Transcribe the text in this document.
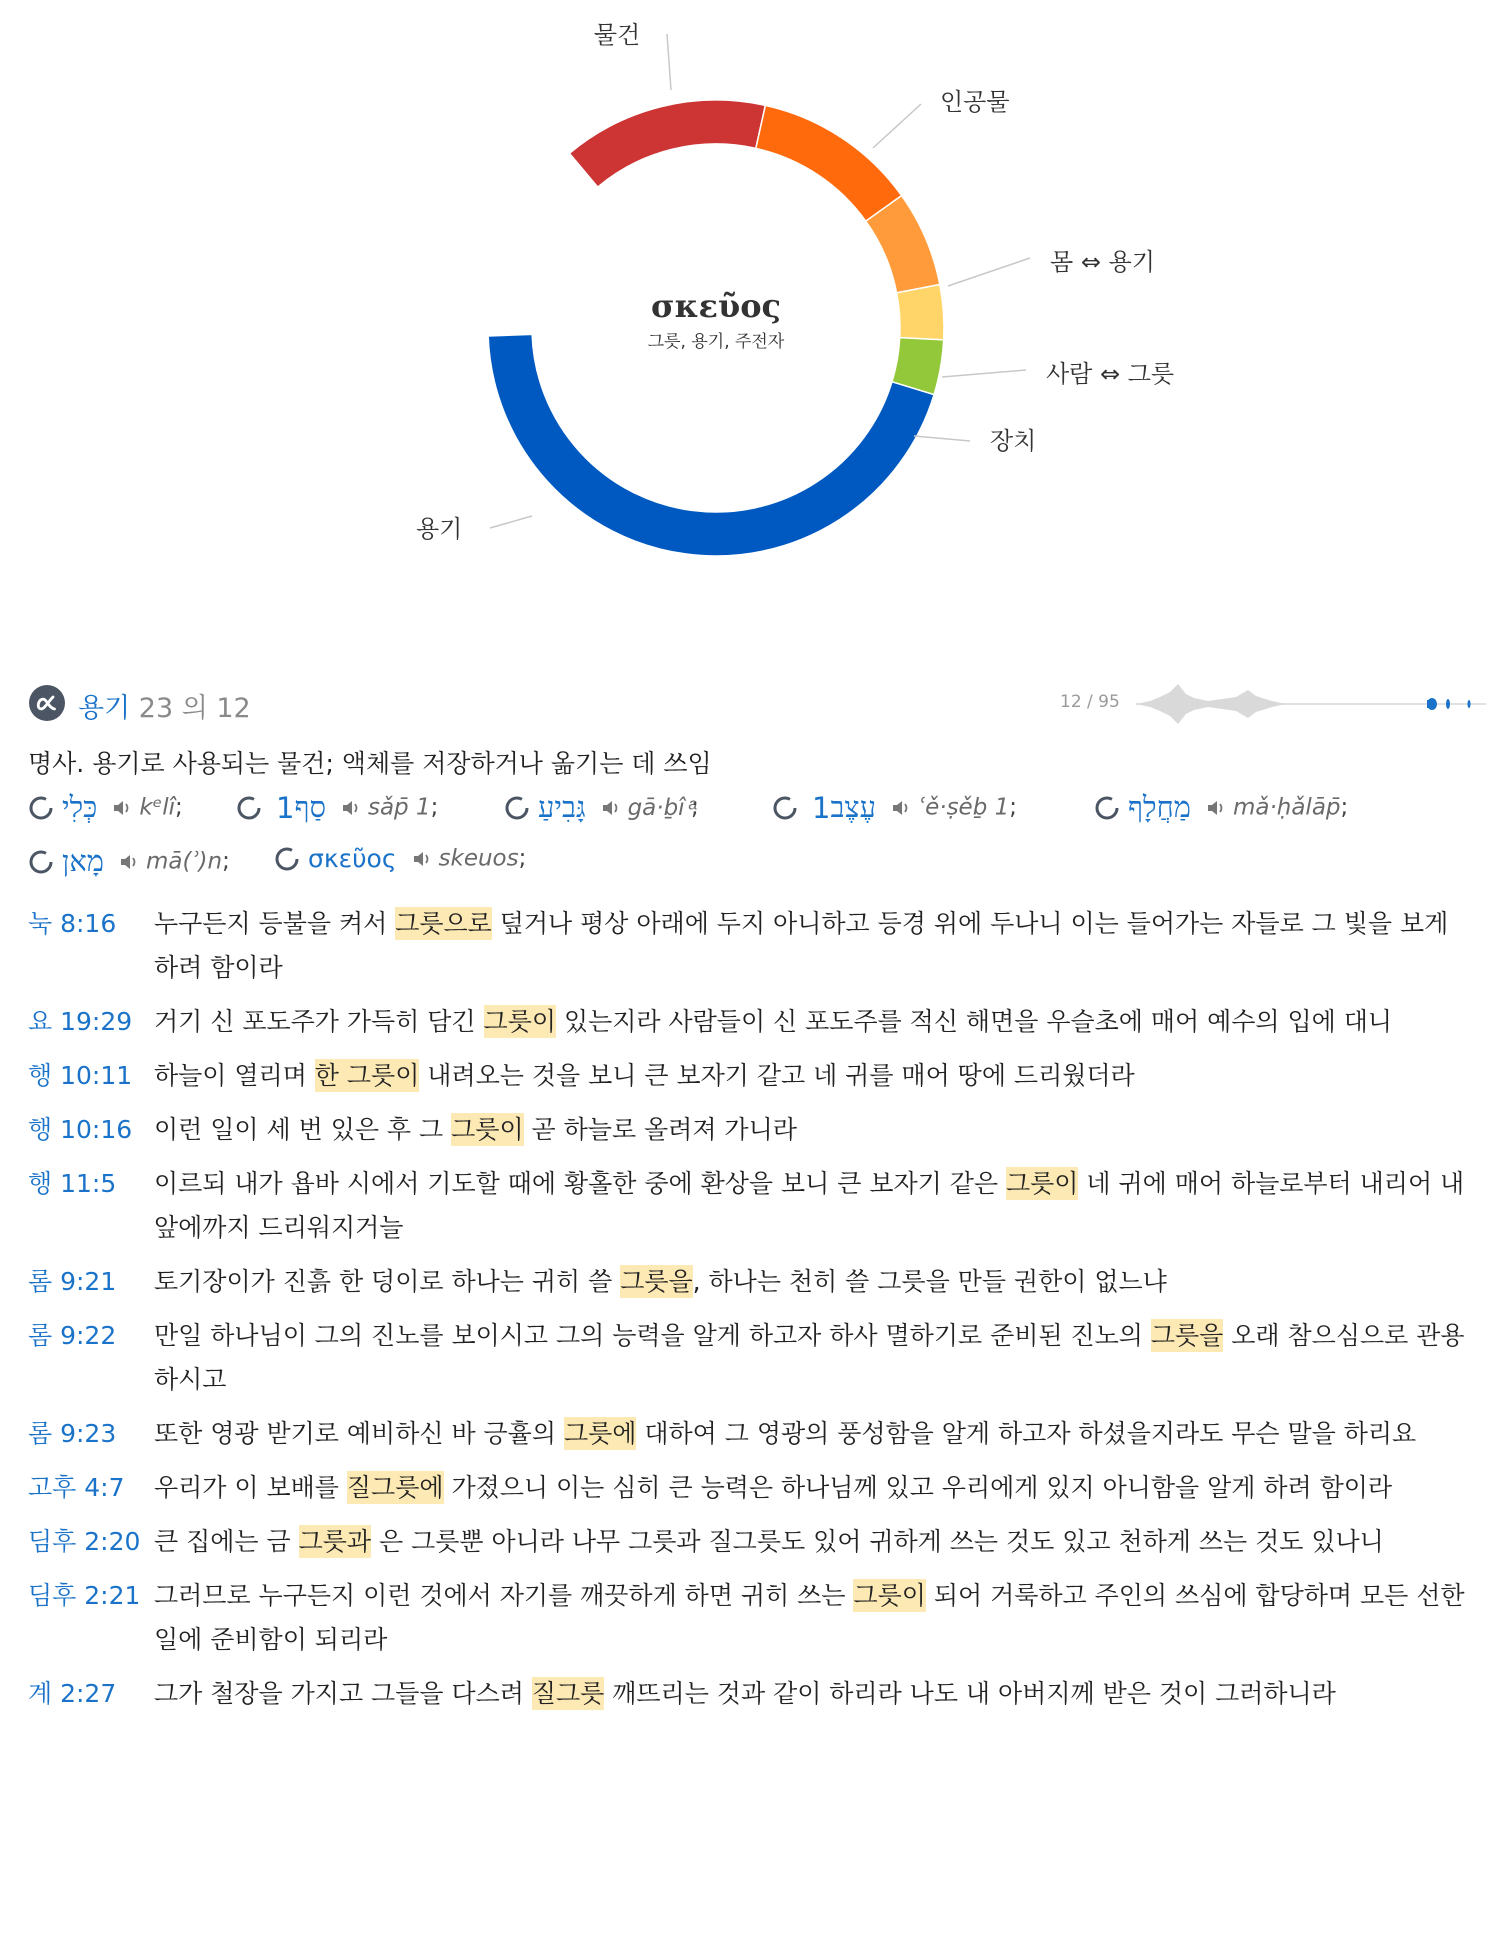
물건
인공물
몸 ⇔ 용기
사람 ⇔ 그릇
장치
용기
σκεῦος
그릇, 용기, 주전자
용기 23 의 12	12 / 95
명사. 용기로 사용되는 물건; 액체를 저장하거나 옮기는 데 쓰임
כְּלִי kᵉlî;	סַף1	sǎp̄ 1;	גָּבִיעַ gā·ḇî ͣ;	עֶצֶב1	ʿě·ṣěḇ 1;	מַחֲלָף mǎ·ḥǎlāp̄;
מָאן mā(ʾ)n;	σκεῦος skeuos;
눅 8:16 누구든지 등불을 켜서 그릇으로 덮거나 평상 아래에 두지 아니하고 등경 위에 두나니 이는 들어가는 자들로 그 빛을 보게 하려 함이라
요 19:29 거기 신 포도주가 가득히 담긴 그릇이 있는지라 사람들이 신 포도주를 적신 해면을 우슬초에 매어 예수의 입에 대니
행 10:11 하늘이 열리며 한 그릇이 내려오는 것을 보니 큰 보자기 같고 네 귀를 매어 땅에 드리웠더라
행 10:16 이런 일이 세 번 있은 후 그 그릇이 곧 하늘로 올려져 가니라
행 11:5 이르되 내가 욥바 시에서 기도할 때에 황홀한 중에 환상을 보니 큰 보자기 같은 그릇이 네 귀에 매어 하늘로부터 내리어 내 앞에까지 드리워지거늘
롬 9:21 토기장이가 진흙 한 덩이로 하나는 귀히 쓸 그릇을, 하나는 천히 쓸 그릇을 만들 권한이 없느냐
롬 9:22 만일 하나님이 그의 진노를 보이시고 그의 능력을 알게 하고자 하사 멸하기로 준비된 진노의 그릇을 오래 참으심으로 관용하시고
롬 9:23 또한 영광 받기로 예비하신 바 긍휼의 그릇에 대하여 그 영광의 풍성함을 알게 하고자 하셨을지라도 무슨 말을 하리요
고후 4:7 우리가 이 보배를 질그릇에 가졌으니 이는 심히 큰 능력은 하나님께 있고 우리에게 있지 아니함을 알게 하려 함이라
딤후 2:20 큰 집에는 금 그릇과 은 그릇뿐 아니라 나무 그릇과 질그릇도 있어 귀하게 쓰는 것도 있고 천하게 쓰는 것도 있나니
딤후 2:21 그러므로 누구든지 이런 것에서 자기를 깨끗하게 하면 귀히 쓰는 그릇이 되어 거룩하고 주인의 쓰심에 합당하며 모든 선한 일에 준비함이 되리라
계 2:27 그가 철장을 가지고 그들을 다스려 질그릇 깨뜨리는 것과 같이 하리라 나도 내 아버지께 받은 것이 그러하니라
